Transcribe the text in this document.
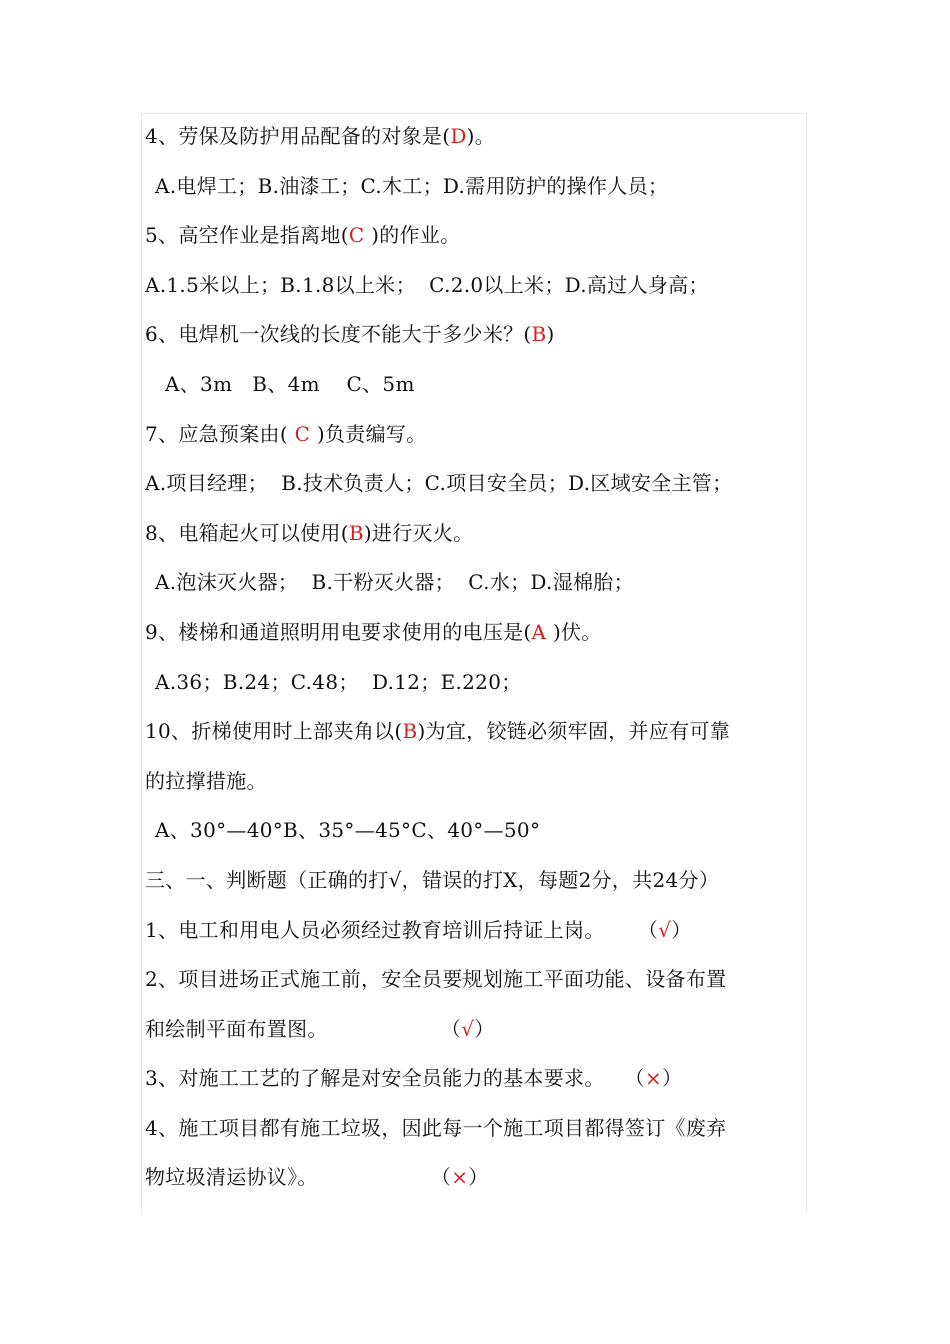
4、劳保及防护用品配备的对象是(D)。
A.电焊工；B.油漆工；C.木工；D.需用防护的操作人员；
5、高空作业是指离地(C )的作业。
A.1.5米以上；B.1.8以上米；  C.2.0以上米；D.高过人身高；
6、电焊机一次线的长度不能大于多少米？(B)
A、3m   B、4m    C、5m
7、应急预案由( C )负责编写。
A.项目经理；  B.技术负责人；C.项目安全员；D.区域安全主管；
8、电箱起火可以使用(B)进行灭火。
A.泡沫灭火器；  B.干粉灭火器；  C.水；D.湿棉胎；
9、楼梯和通道照明用电要求使用的电压是(A )伏。
A.36；B.24；C.48；  D.12；E.220；
10、折梯使用时上部夹角以(B)为宜，铰链必须牢固，并应有可靠
的拉撑措施。
A、30°—40°B、35°—45°C、40°—50°
三、一、判断题（正确的打√，错误的打X，每题2分，共24分）
1、电工和用电人员必须经过教育培训后持证上岗。     （√）
2、项目进场正式施工前，安全员要规划施工平面功能、设备布置
和绘制平面布置图。                 （√）
3、对施工工艺的了解是对安全员能力的基本要求。   （×）
4、施工项目都有施工垃圾，因此每一个施工项目都得签订《废弃
物垃圾清运协议》。                 （×）
